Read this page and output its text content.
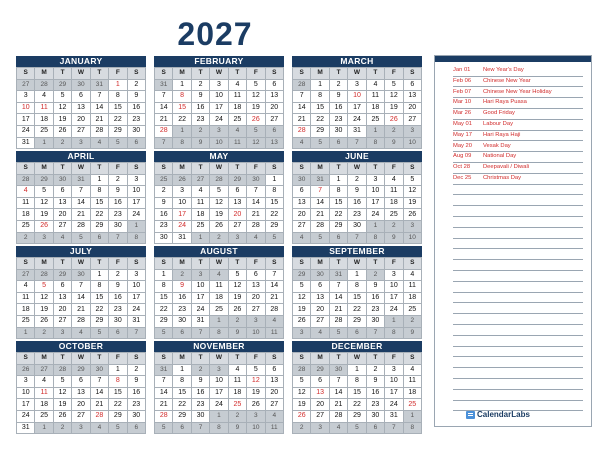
2027
JANUARY
S	M	T	W	T	F	S
27	28	29	30	31	1	2
3	4	5	6	7	8	9
10	11	12	13	14	15	16
17	18	19	20	21	22	23
24	25	26	27	28	29	30
31	1	2	3	4	5	6
FEBRUARY
S	M	T	W	T	F	S
31	1	2	3	4	5	6
7	8	9	10	11	12	13
14	15	16	17	18	19	20
21	22	23	24	25	26	27
28	1	2	3	4	5	6
7	8	9	10	11	12	13
MARCH
S	M	T	W	T	F	S
28	1	2	3	4	5	6
7	8	9	10	11	12	13
14	15	16	17	18	19	20
21	22	23	24	25	26	27
28	29	30	31	1	2	3
4	5	6	7	8	9	10
APRIL
S	M	T	W	T	F	S
28	29	30	31	1	2	3
4	5	6	7	8	9	10
11	12	13	14	15	16	17
18	19	20	21	22	23	24
25	26	27	28	29	30	1
2	3	4	5	6	7	8
MAY
S	M	T	W	T	F	S
25	26	27	28	29	30	1
2	3	4	5	6	7	8
9	10	11	12	13	14	15
16	17	18	19	20	21	22
23	24	25	26	27	28	29
30	31	1	2	3	4	5
JUNE
S	M	T	W	T	F	S
30	31	1	2	3	4	5
6	7	8	9	10	11	12
13	14	15	16	17	18	19
20	21	22	23	24	25	26
27	28	29	30	1	2	3
4	5	6	7	8	9	10
JULY
S	M	T	W	T	F	S
27	28	29	30	1	2	3
4	5	6	7	8	9	10
11	12	13	14	15	16	17
18	19	20	21	22	23	24
25	26	27	28	29	30	31
1	2	3	4	5	6	7
AUGUST
S	M	T	W	T	F	S
1	2	3	4	5	6	7
8	9	10	11	12	13	14
15	16	17	18	19	20	21
22	23	24	25	26	27	28
29	30	31	1	2	3	4
5	6	7	8	9	10	11
SEPTEMBER
S	M	T	W	T	F	S
29	30	31	1	2	3	4
5	6	7	8	9	10	11
12	13	14	15	16	17	18
19	20	21	22	23	24	25
26	27	28	29	30	1	2
3	4	5	6	7	8	9
OCTOBER
S	M	T	W	T	F	S
26	27	28	29	30	1	2
3	4	5	6	7	8	9
10	11	12	13	14	15	16
17	18	19	20	21	22	23
24	25	26	27	28	29	30
31	1	2	3	4	5	6
NOVEMBER
S	M	T	W	T	F	S
31	1	2	3	4	5	6
7	8	9	10	11	12	13
14	15	16	17	18	19	20
21	22	23	24	25	26	27
28	29	30	1	2	3	4
5	6	7	8	9	10	11
DECEMBER
S	M	T	W	T	F	S
28	29	30	1	2	3	4
5	6	7	8	9	10	11
12	13	14	15	16	17	18
19	20	21	22	23	24	25
26	27	28	29	30	31	1
2	3	4	5	6	7	8
Jan 01	New Year's Day
Feb 06	Chinese New Year
Feb 07	Chinese New Year Holiday
Mar 10	Hari Raya Puasa
Mar 26	Good Friday
May 01	Labour Day
May 17	Hari Raya Haji
May 20	Vesak Day
Aug 09	National Day
Oct 28	Deepavali / Diwali
Dec 25	Christmas Day
CalendarLabs
